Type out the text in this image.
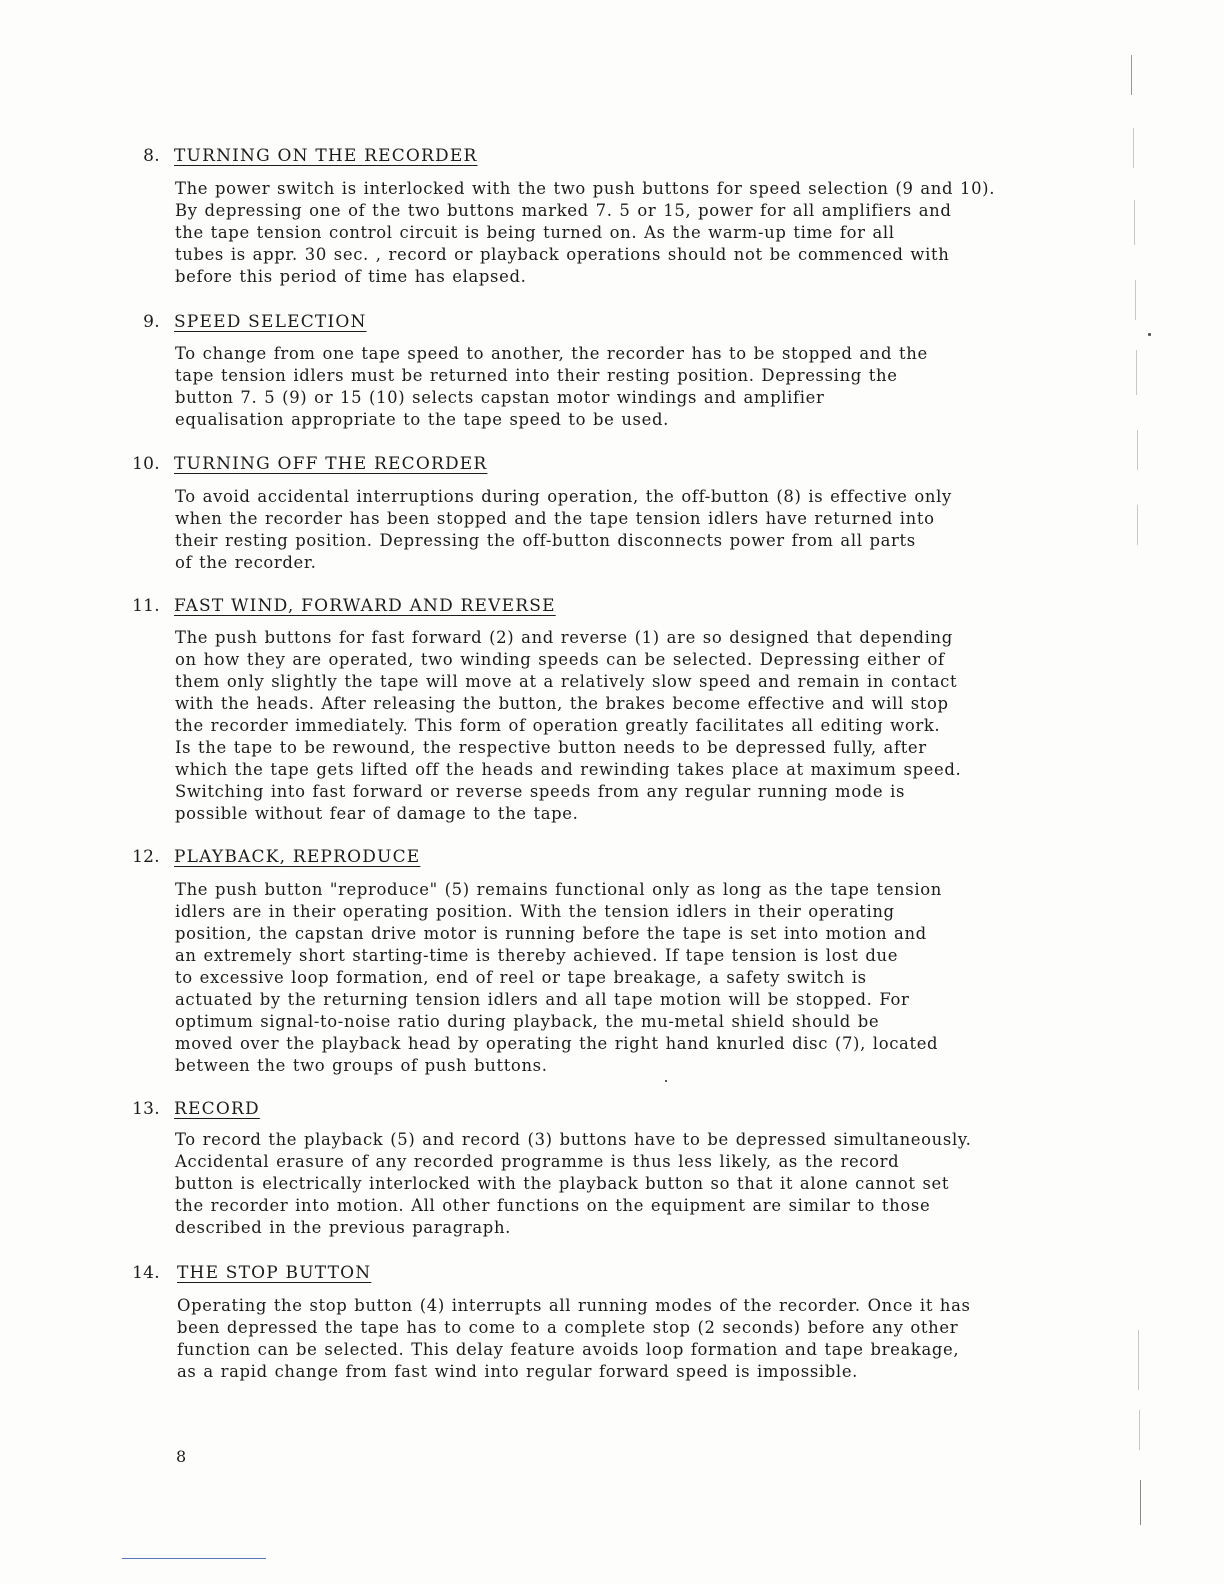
8. TURNING ON THE RECORDER
The power switch is interlocked with the two push buttons for speed selection (9 and 10).
By depressing one of the two buttons marked 7. 5 or 15, power for all amplifiers and
the tape tension control circuit is being turned on. As the warm-up time for all
tubes is appr. 30 sec. , record or playback operations should not be commenced with
before this period of time has elapsed.
9. SPEED SELECTION
To change from one tape speed to another, the recorder has to be stopped and the
tape tension idlers must be returned into their resting position. Depressing the
button 7. 5 (9) or 15 (10) selects capstan motor windings and amplifier
equalisation appropriate to the tape speed to be used.
10. TURNING OFF THE RECORDER
To avoid accidental interruptions during operation, the off-button (8) is effective only
when the recorder has been stopped and the tape tension idlers have returned into
their resting position. Depressing the off-button disconnects power from all parts
of the recorder.
11. FAST WIND, FORWARD AND REVERSE
The push buttons for fast forward (2) and reverse (1) are so designed that depending
on how they are operated, two winding speeds can be selected. Depressing either of
them only slightly the tape will move at a relatively slow speed and remain in contact
with the heads. After releasing the button, the brakes become effective and will stop
the recorder immediately. This form of operation greatly facilitates all editing work.
Is the tape to be rewound, the respective button needs to be depressed fully, after
which the tape gets lifted off the heads and rewinding takes place at maximum speed.
Switching into fast forward or reverse speeds from any regular running mode is
possible without fear of damage to the tape.
12. PLAYBACK, REPRODUCE
The push button "reproduce" (5) remains functional only as long as the tape tension
idlers are in their operating position. With the tension idlers in their operating
position, the capstan drive motor is running before the tape is set into motion and
an extremely short starting-time is thereby achieved. If tape tension is lost due
to excessive loop formation, end of reel or tape breakage, a safety switch is
actuated by the returning tension idlers and all tape motion will be stopped. For
optimum signal-to-noise ratio during playback, the mu-metal shield should be
moved over the playback head by operating the right hand knurled disc (7), located
between the two groups of push buttons.
13. RECORD
To record the playback (5) and record (3) buttons have to be depressed simultaneously.
Accidental erasure of any recorded programme is thus less likely, as the record
button is electrically interlocked with the playback button so that it alone cannot set
the recorder into motion. All other functions on the equipment are similar to those
described in the previous paragraph.
14. THE STOP BUTTON
Operating the stop button (4) interrupts all running modes of the recorder. Once it has
been depressed the tape has to come to a complete stop (2 seconds) before any other
function can be selected. This delay feature avoids loop formation and tape breakage,
as a rapid change from fast wind into regular forward speed is impossible.
8
